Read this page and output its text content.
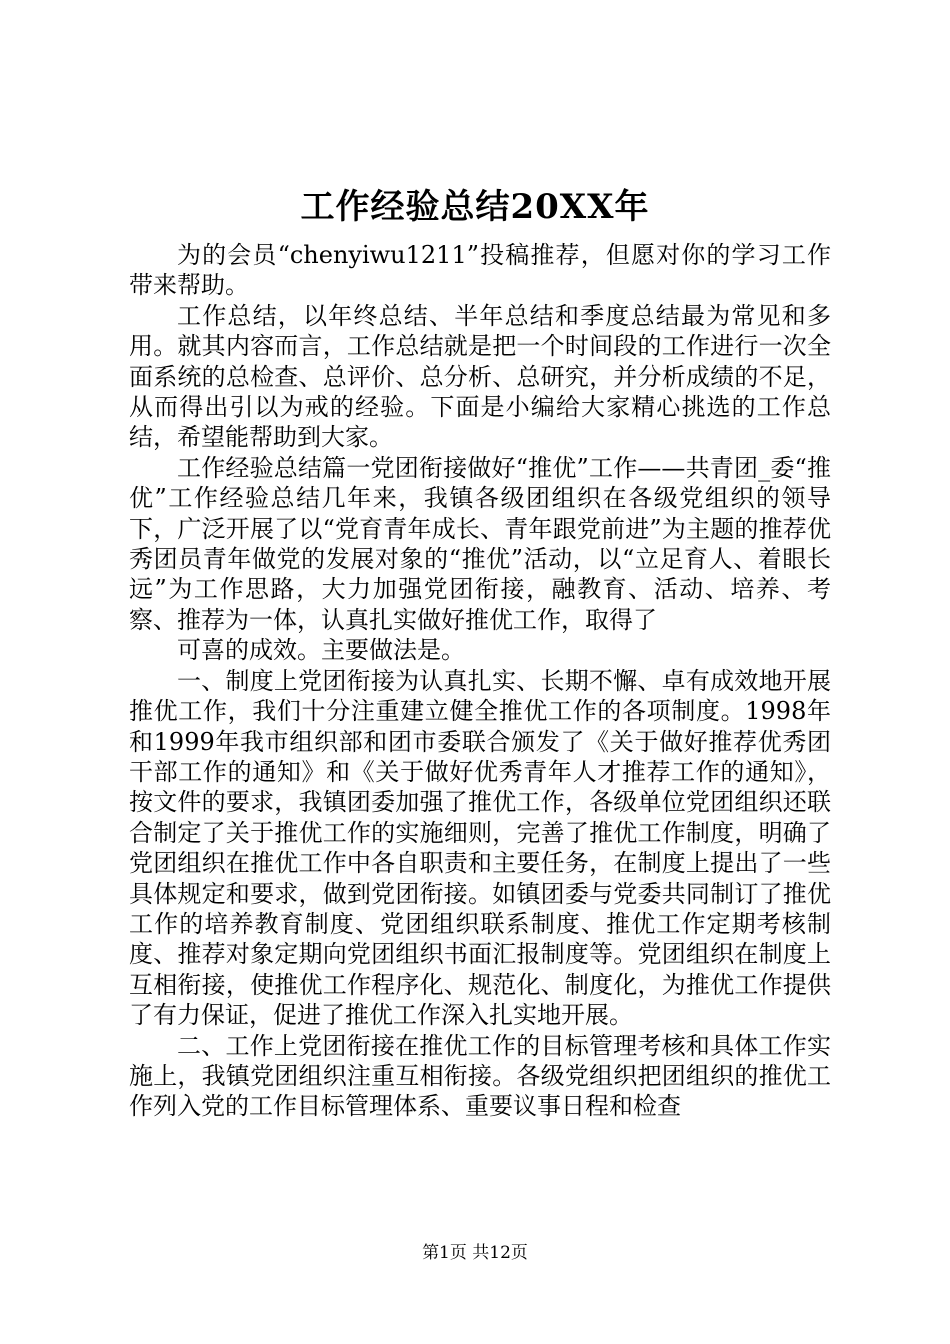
工作经验总结20XX年

为的会员“chenyiwu1211”投稿推荐，但愿对你的学习工作带来帮助。

工作总结，以年终总结、半年总结和季度总结最为常见和多用。就其内容而言，工作总结就是把一个时间段的工作进行一次全面系统的总检查、总评价、总分析、总研究，并分析成绩的不足，从而得出引以为戒的经验。下面是小编给大家精心挑选的工作总结，希望能帮助到大家。

工作经验总结篇一党团衔接做好“推优”工作——共青团_委“推优”工作经验总结几年来，我镇各级团组织在各级党组织的领导下，广泛开展了以“党育青年成长、青年跟党前进”为主题的推荐优秀团员青年做党的发展对象的“推优”活动，以“立足育人、着眼长远”为工作思路，大力加强党团衔接，融教育、活动、培养、考察、推荐为一体，认真扎实做好推优工作，取得了

可喜的成效。主要做法是。

一、制度上党团衔接为认真扎实、长期不懈、卓有成效地开展推优工作，我们十分注重建立健全推优工作的各项制度。1998年和1999年我市组织部和团市委联合颁发了《关于做好推荐优秀团干部工作的通知》和《关于做好优秀青年人才推荐工作的通知》，按文件的要求，我镇团委加强了推优工作，各级单位党团组织还联合制定了关于推优工作的实施细则，完善了推优工作制度，明确了党团组织在推优工作中各自职责和主要任务，在制度上提出了一些具体规定和要求，做到党团衔接。如镇团委与党委共同制订了推优工作的培养教育制度、党团组织联系制度、推优工作定期考核制度、推荐对象定期向党团组织书面汇报制度等。党团组织在制度上互相衔接，使推优工作程序化、规范化、制度化，为推优工作提供了有力保证，促进了推优工作深入扎实地开展。

二、工作上党团衔接在推优工作的目标管理考核和具体工作实施上，我镇党团组织注重互相衔接。各级党组织把团组织的推优工作列入党的工作目标管理体系、重要议事日程和检查

第1页 共12页
